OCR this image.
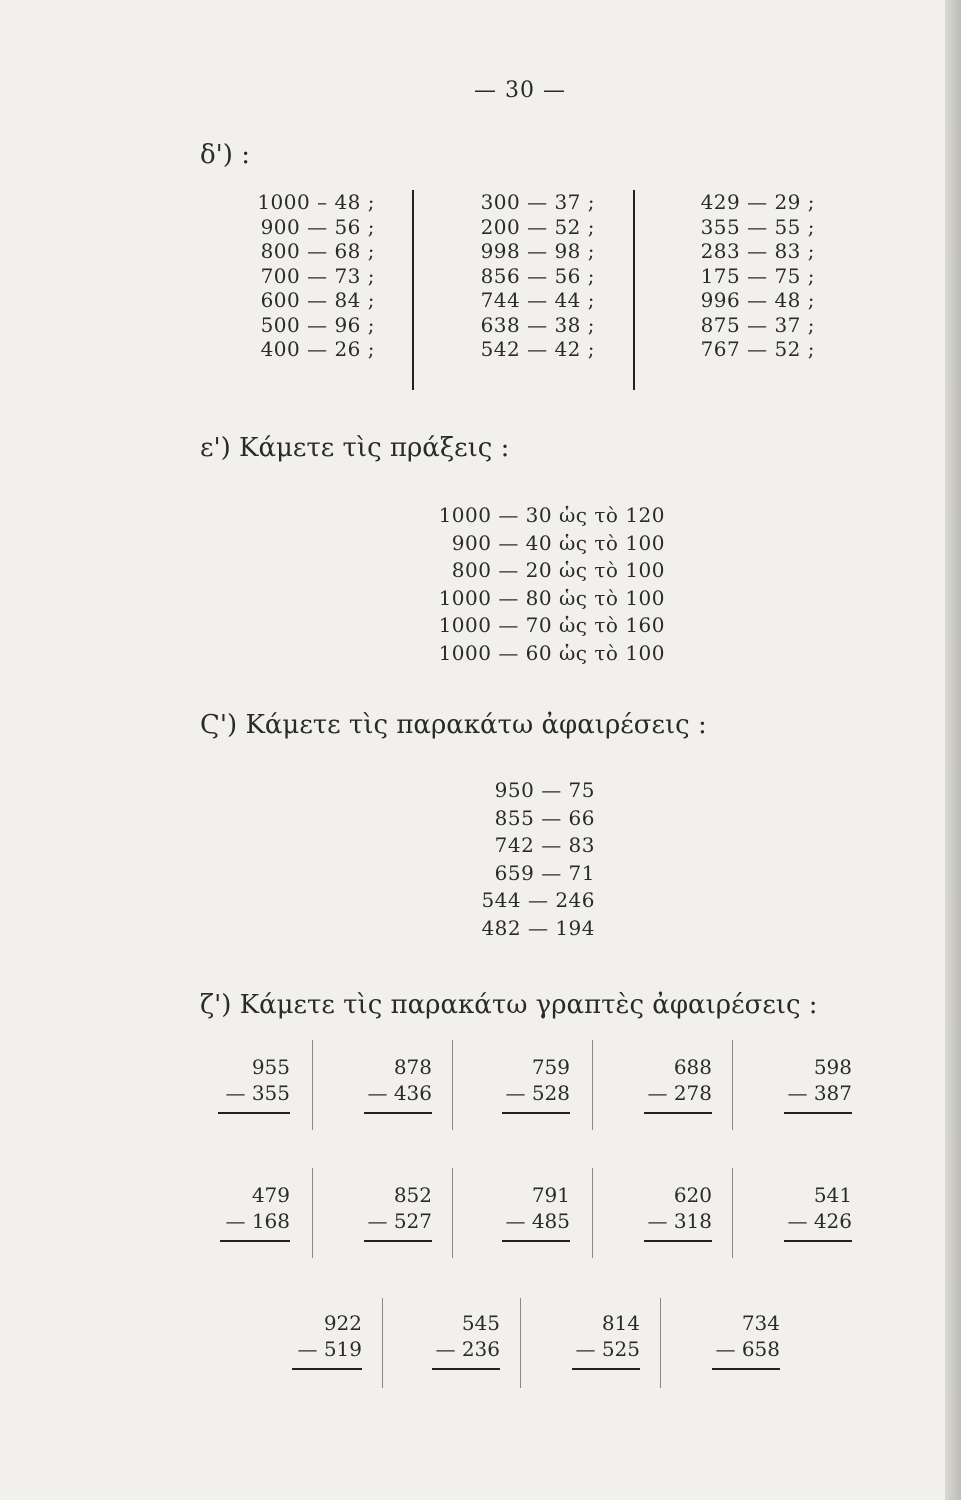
— 30 —
δ') :
1000 – 48 ;
900 — 56 ;
800 — 68 ;
700 — 73 ;
600 — 84 ;
500 — 96 ;
400 — 26 ;
300 — 37 ;
200 — 52 ;
998 — 98 ;
856 — 56 ;
744 — 44 ;
638 — 38 ;
542 — 42 ;
429 — 29 ;
355 — 55 ;
283 — 83 ;
175 — 75 ;
996 — 48 ;
875 — 37 ;
767 — 52 ;
ε') Κάμετε τὶς πράξεις :
1000 — 30 ὡς τὸ 120
900 — 40 ὡς τὸ 100
800 — 20 ὡς τὸ 100
1000 — 80 ὡς τὸ 100
1000 — 70 ὡς τὸ 160
1000 — 60 ὡς τὸ 100
Ϛ') Κάμετε τὶς παρακάτω ἀφαιρέσεις :
950 — 75
855 — 66
742 — 83
659 — 71
544 — 246
482 — 194
ζ') Κάμετε τὶς παρακάτω γραπτὲς ἀφαιρέσεις :
955
— 355
878
— 436
759
— 528
688
— 278
598
— 387
479
— 168
852
— 527
791
— 485
620
— 318
541
— 426
922
— 519
545
— 236
814
— 525
734
— 658
